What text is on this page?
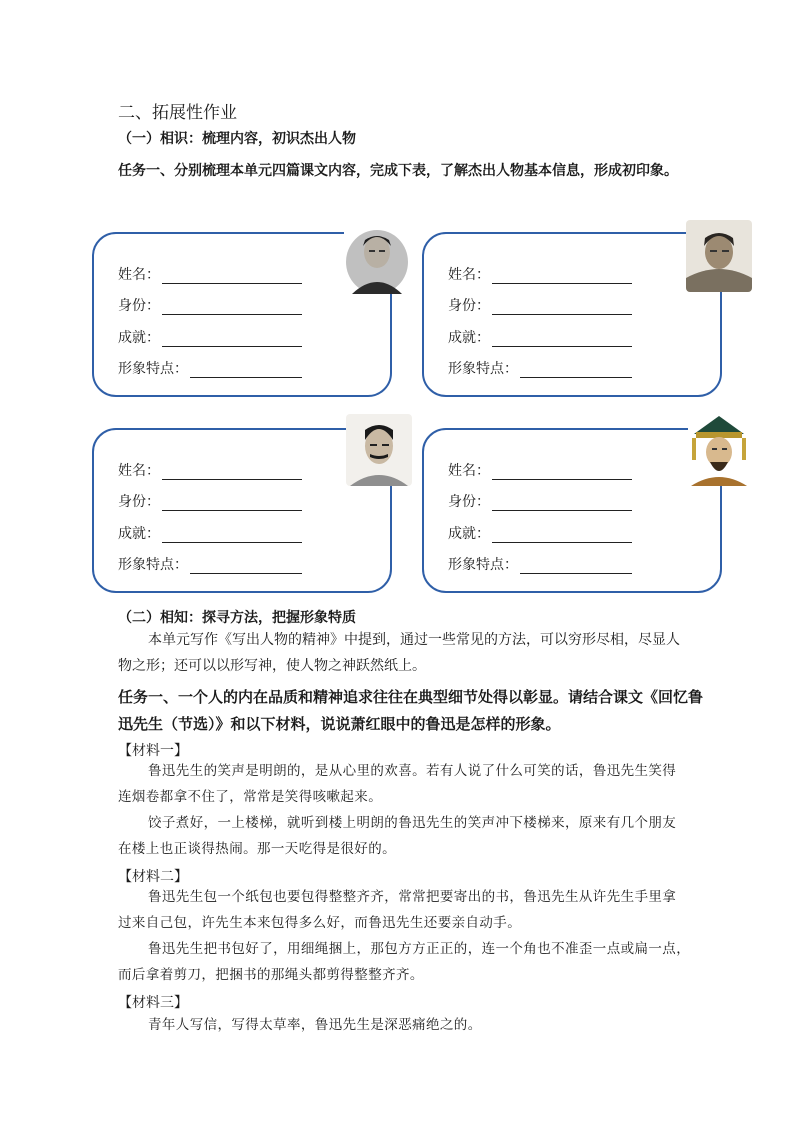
二、拓展性作业
（一）相识：梳理内容，初识杰出人物
任务一、分别梳理本单元四篇课文内容，完成下表，了解杰出人物基本信息，形成初印象。
姓名：
身份：
成就：
形象特点：
姓名：
身份：
成就：
形象特点：
姓名：
身份：
成就：
形象特点：
姓名：
身份：
成就：
形象特点：
（二）相知：探寻方法，把握形象特质
本单元写作《写出人物的精神》中提到，通过一些常见的方法，可以穷形尽相，尽显人
物之形；还可以以形写神，使人物之神跃然纸上。
任务一、一个人的内在品质和精神追求往往在典型细节处得以彰显。请结合课文《回忆鲁
迅先生（节选）》和以下材料，说说萧红眼中的鲁迅是怎样的形象。
【材料一】
鲁迅先生的笑声是明朗的，是从心里的欢喜。若有人说了什么可笑的话，鲁迅先生笑得
连烟卷都拿不住了，常常是笑得咳嗽起来。
饺子煮好，一上楼梯，就听到楼上明朗的鲁迅先生的笑声冲下楼梯来，原来有几个朋友
在楼上也正谈得热闹。那一天吃得是很好的。
【材料二】
鲁迅先生包一个纸包也要包得整整齐齐，常常把要寄出的书，鲁迅先生从许先生手里拿
过来自己包，许先生本来包得多么好，而鲁迅先生还要亲自动手。
鲁迅先生把书包好了，用细绳捆上，那包方方正正的，连一个角也不准歪一点或扁一点，
而后拿着剪刀，把捆书的那绳头都剪得整整齐齐。
【材料三】
青年人写信，写得太草率，鲁迅先生是深恶痛绝之的。
